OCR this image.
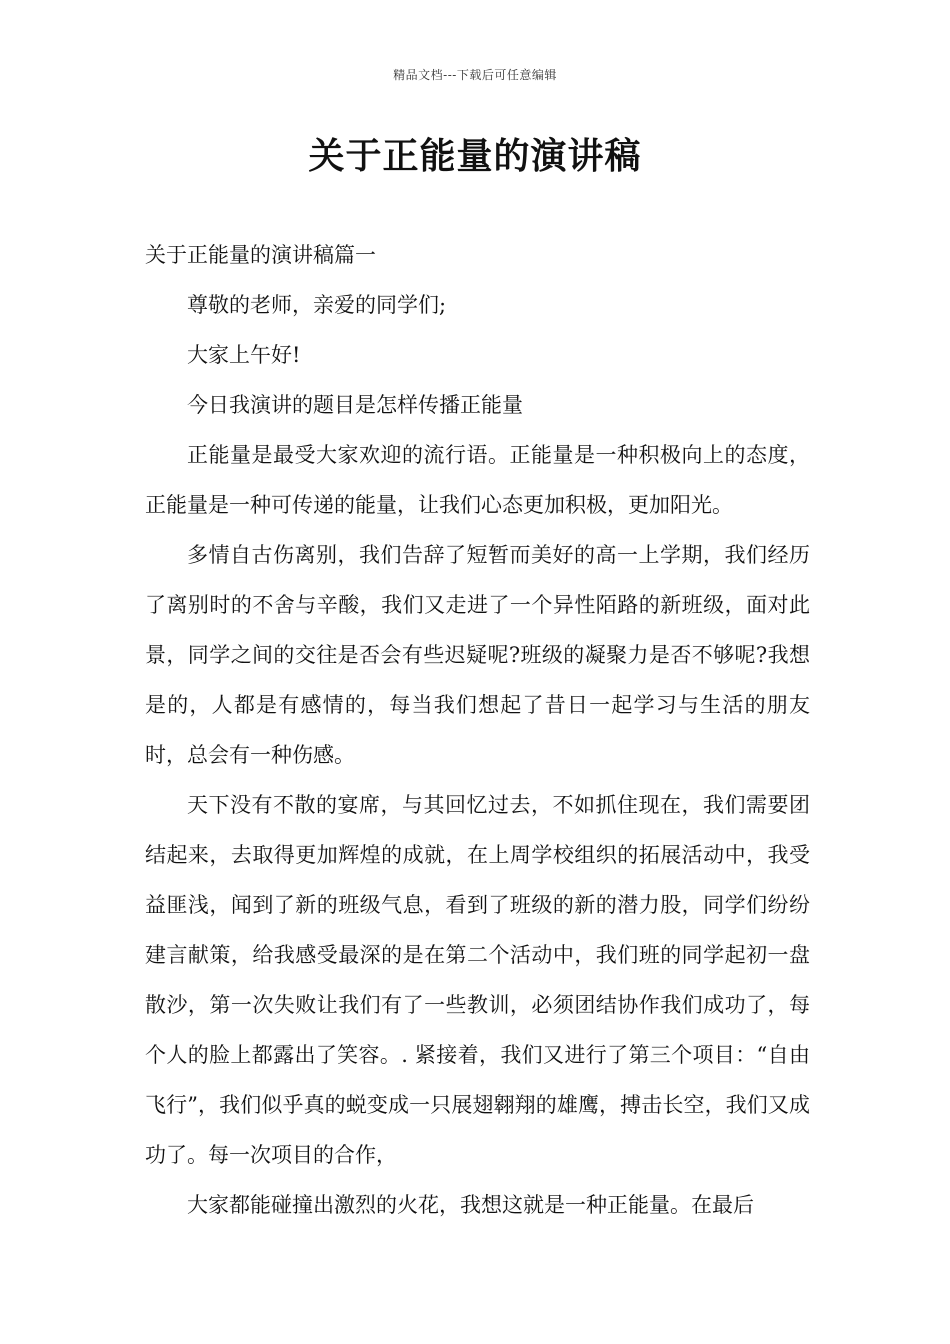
精品文档---下载后可任意编辑
关于正能量的演讲稿

关于正能量的演讲稿篇一

尊敬的老师，亲爱的同学们;

大家上午好!

今日我演讲的题目是怎样传播正能量

正能量是最受大家欢迎的流行语。正能量是一种积极向上的态度，正能量是一种可传递的能量，让我们心态更加积极，更加阳光。

多情自古伤离别，我们告辞了短暂而美好的高一上学期，我们经历了离别时的不舍与辛酸，我们又走进了一个异性陌路的新班级，面对此景，同学之间的交往是否会有些迟疑呢?班级的凝聚力是否不够呢?我想是的，人都是有感情的，每当我们想起了昔日一起学习与生活的朋友时，总会有一种伤感。

天下没有不散的宴席，与其回忆过去，不如抓住现在，我们需要团结起来，去取得更加辉煌的成就，在上周学校组织的拓展活动中，我受益匪浅，闻到了新的班级气息，看到了班级的新的潜力股，同学们纷纷建言献策，给我感受最深的是在第二个活动中，我们班的同学起初一盘散沙，第一次失败让我们有了一些教训，必须团结协作我们成功了，每个人的脸上都露出了笑容。. 紧接着，我们又进行了第三个项目：“自由飞行”，我们似乎真的蜕变成一只展翅翱翔的雄鹰，搏击长空，我们又成功了。每一次项目的合作，

大家都能碰撞出激烈的火花，我想这就是一种正能量。在最后
